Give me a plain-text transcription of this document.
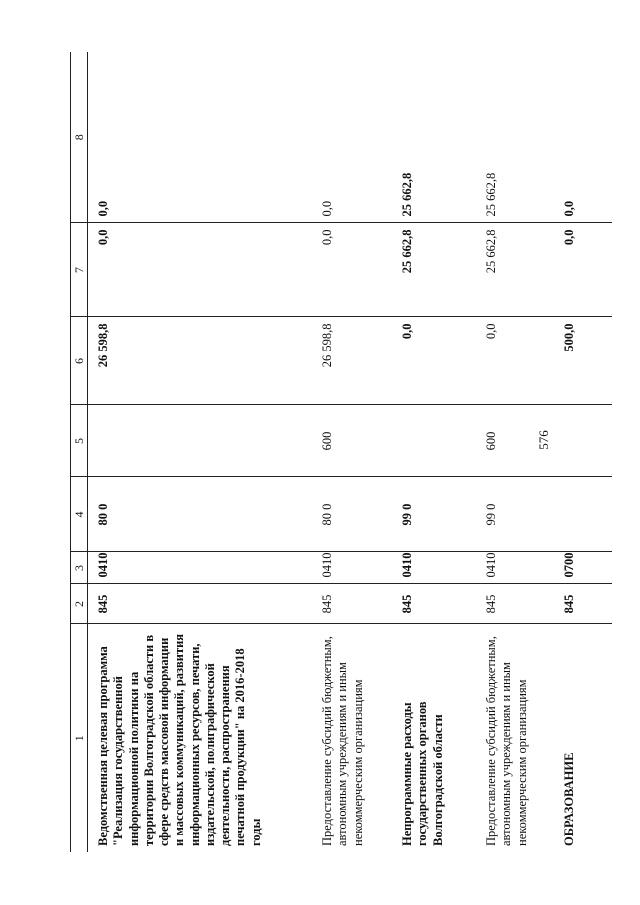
576
1	2	3	4	5	6	7	8
Ведомственная целевая программа "Реализация государственной информационной политики на территории Волгоградской области в сфере средств массовой информации и массовых коммуникаций, развития информационных ресурсов, печати, издательской, полиграфической деятельности, распространения печатной продукции" на 2016-2018 годы	845	0410	80 0		26 598,8	0,0	0,0
Предоставление субсидий бюджетным, автономным учреждениям и иным некоммерческим организациям	845	0410	80 0	600	26 598,8	0,0	0,0
Непрограммные расходы государственных органов Волгоградской области	845	0410	99 0		0,0	25 662,8	25 662,8
Предоставление субсидий бюджетным, автономным учреждениям и иным некоммерческим организациям	845	0410	99 0	600	0,0	25 662,8	25 662,8
ОБРАЗОВАНИЕ	845	0700			500,0	0,0	0,0
